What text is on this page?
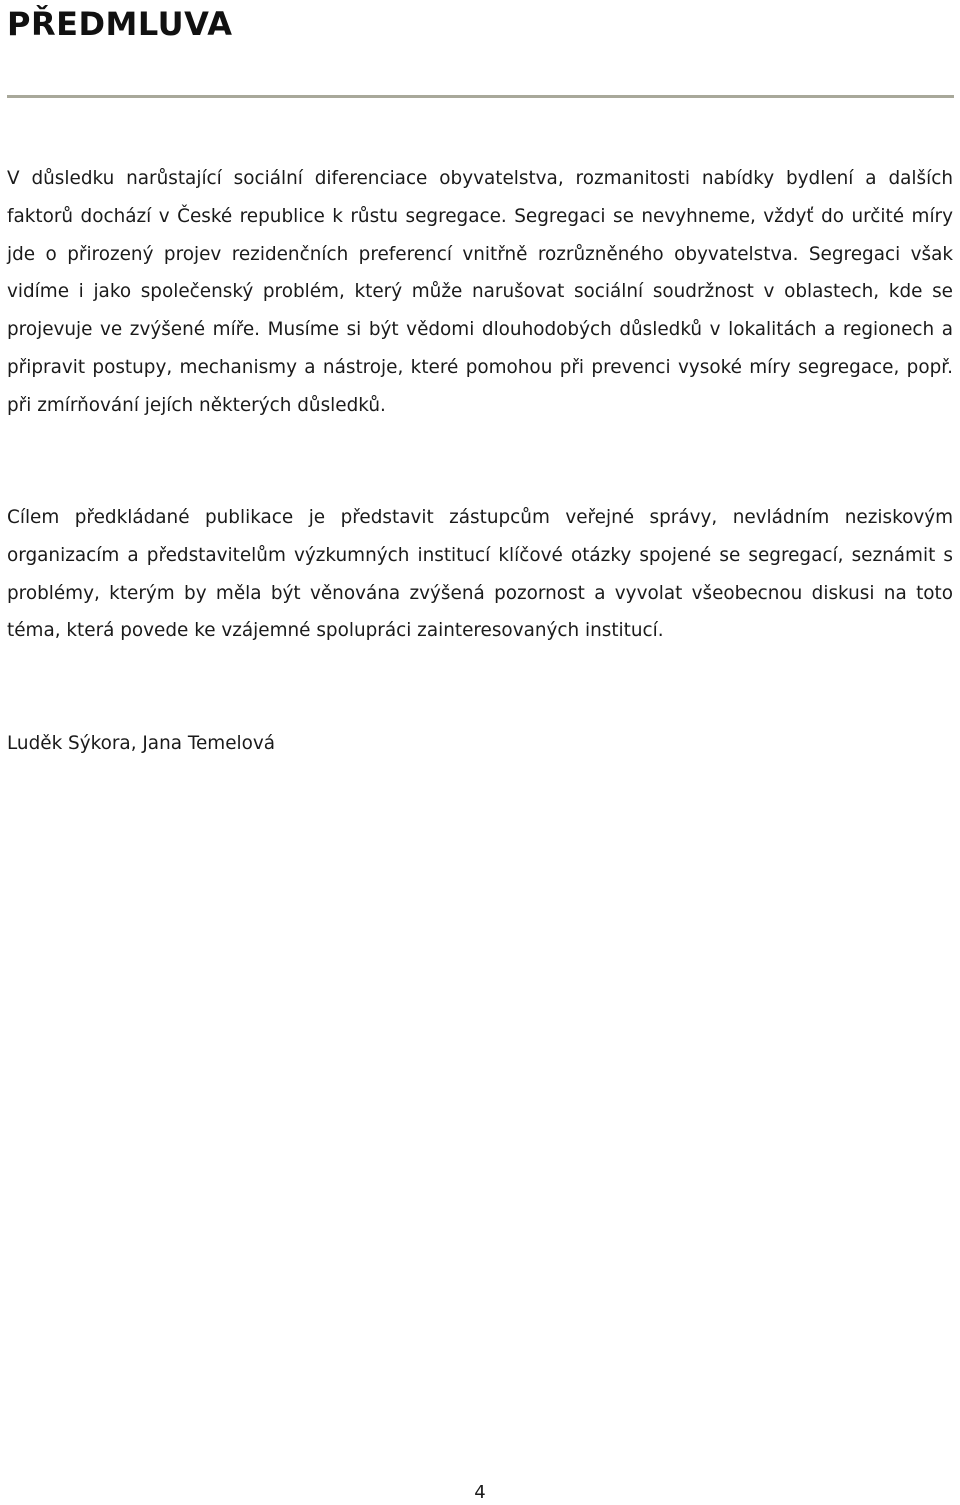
PŘEDMLUVA

V důsledku narůstající sociální diferenciace obyvatelstva, rozmanitosti nabídky bydlení a dalších faktorů dochází v České republice k růstu segregace. Segregaci se nevyhneme, vždyť do určité míry jde o přirozený projev rezidenčních preferencí vnitřně rozrůzněného obyvatelstva. Segregaci však vidíme i jako společenský problém, který může narušovat sociální soudržnost v oblastech, kde se projevuje ve zvýšené míře. Musíme si být vědomi dlouhodobých důsledků v lokalitách a regionech a připravit postupy, mechanismy a nástroje, které pomohou při prevenci vysoké míry segregace, popř. při zmírňování jejích některých důsledků.

Cílem předkládané publikace je představit zástupcům veřejné správy, nevládním neziskovým organizacím a představitelům výzkumných institucí klíčové otázky spojené se segregací, seznámit s problémy, kterým by měla být věnována zvýšená pozornost a vyvolat všeobecnou diskusi na toto téma, která povede ke vzájemné spolupráci zainteresovaných institucí.

Luděk Sýkora, Jana Temelová

4
